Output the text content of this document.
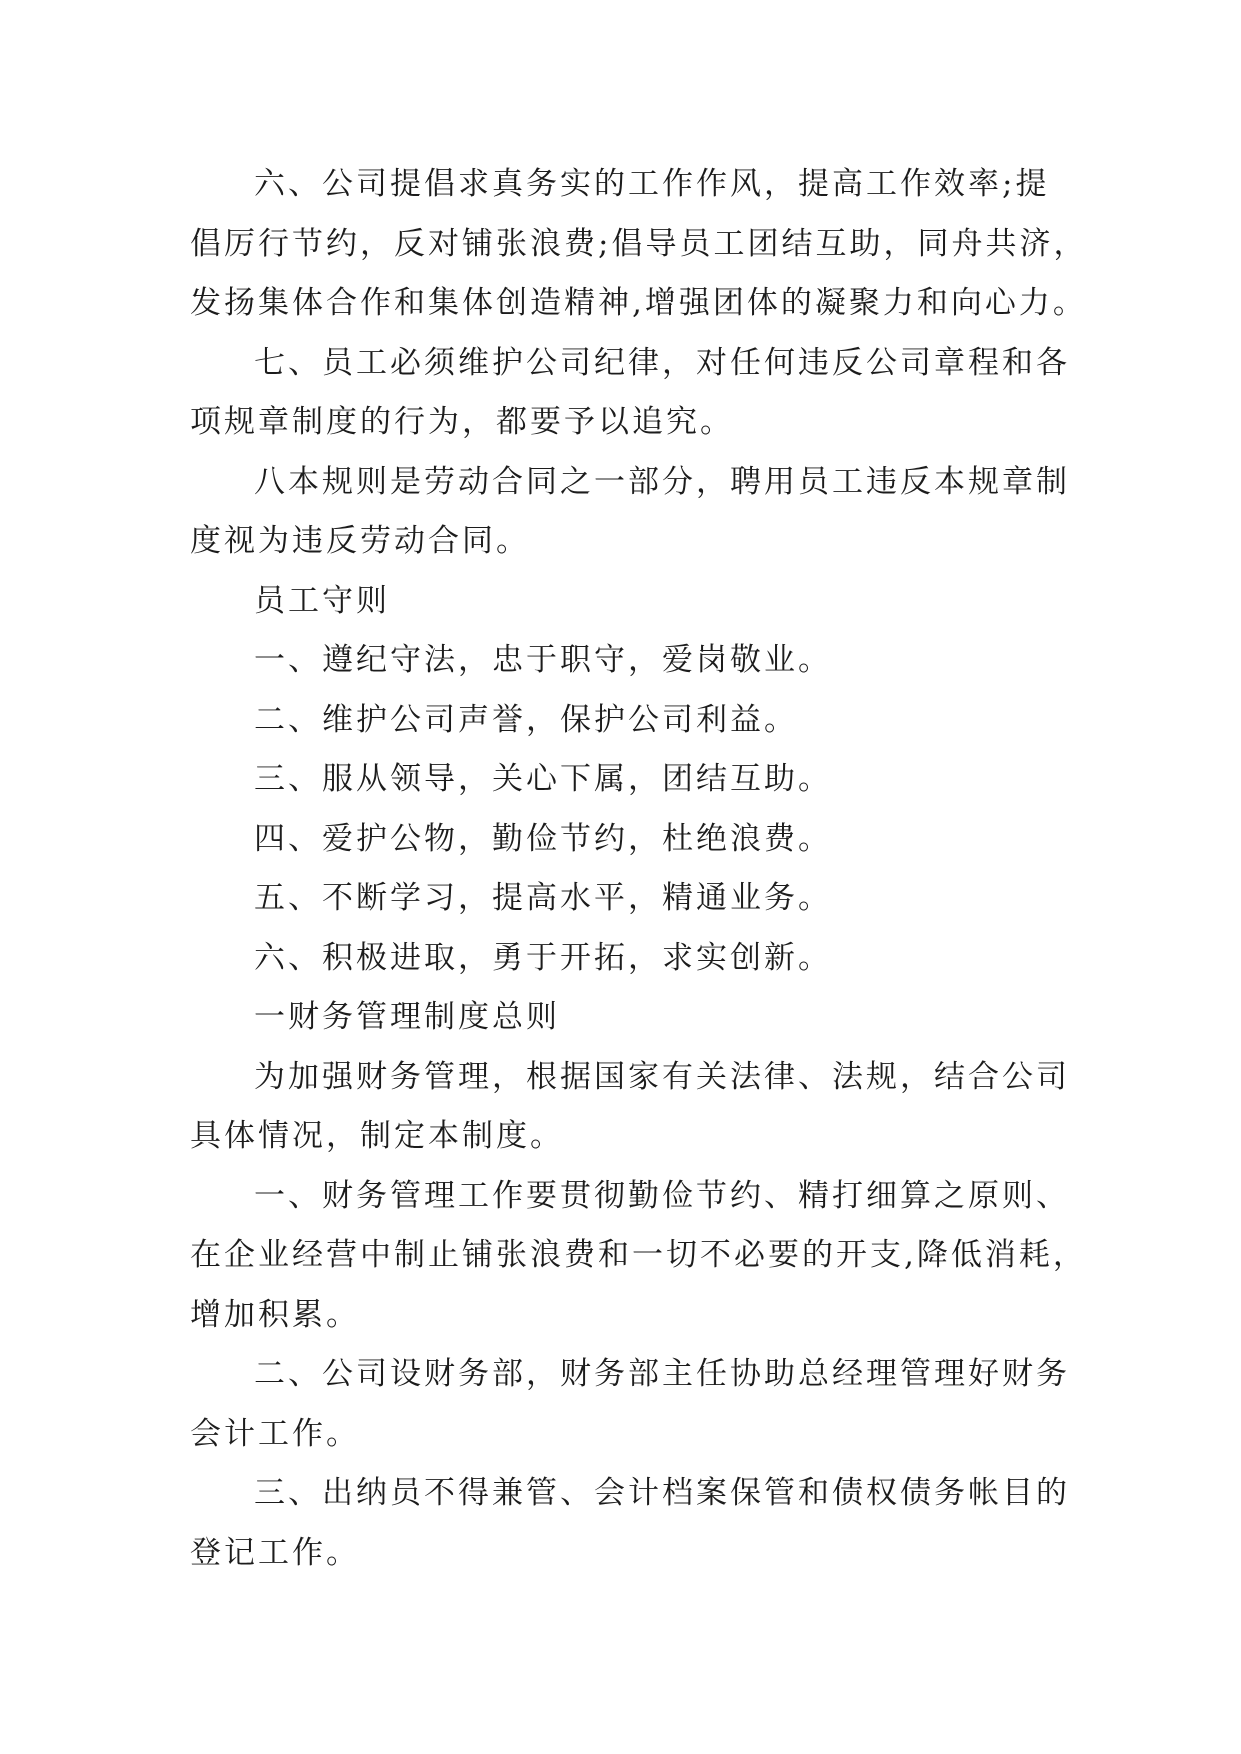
六、公司提倡求真务实的工作作风，提高工作效率;提
倡厉行节约，反对铺张浪费;倡导员工团结互助，同舟共济，
发扬集体合作和集体创造精神,增强团体的凝聚力和向心力。
七、员工必须维护公司纪律，对任何违反公司章程和各
项规章制度的行为，都要予以追究。
八本规则是劳动合同之一部分，聘用员工违反本规章制
度视为违反劳动合同。
员工守则
一、遵纪守法，忠于职守，爱岗敬业。
二、维护公司声誉，保护公司利益。
三、服从领导，关心下属，团结互助。
四、爱护公物，勤俭节约，杜绝浪费。
五、不断学习，提高水平，精通业务。
六、积极进取，勇于开拓，求实创新。
一财务管理制度总则
为加强财务管理，根据国家有关法律、法规，结合公司
具体情况，制定本制度。
一、财务管理工作要贯彻勤俭节约、精打细算之原则、
在企业经营中制止铺张浪费和一切不必要的开支,降低消耗，
增加积累。
二、公司设财务部，财务部主任协助总经理管理好财务
会计工作。
三、出纳员不得兼管、会计档案保管和债权债务帐目的
登记工作。
